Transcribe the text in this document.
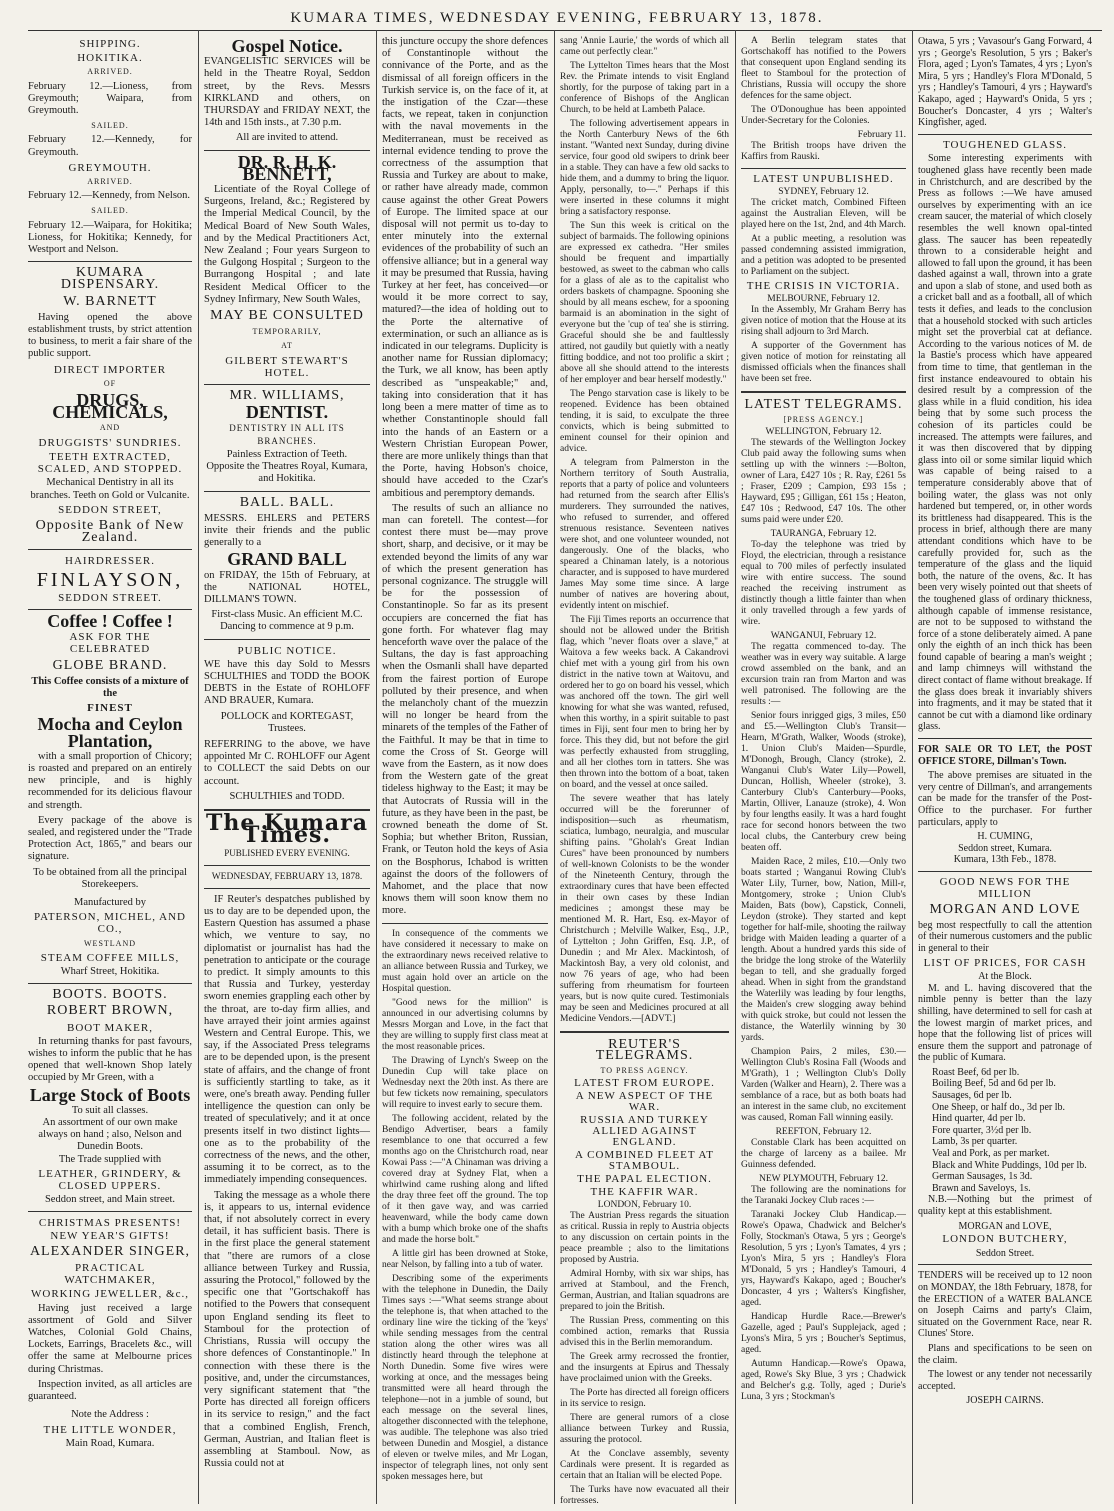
KUMARA TIMES, WEDNESDAY EVENING, FEBRUARY 13, 1878.
SHIPPING.
HOKITIKA.
ARRIVED.

February 12.—Lioness, from Greymouth; Waipara, from Greymouth.

SAILED.

February 12.—Kennedy, for Greymouth.

GREYMOUTH.
ARRIVED.

February 12.—Kennedy, from Nelson.

SAILED.

February 12.—Waipara, for Hokitika; Lioness, for Hokitika; Kennedy, for Westport and Nelson.

KUMARA DISPENSARY.
W. BARNETT

Having opened the above establishment trusts, by strict attention to business, to merit a fair share of the public support.

DIRECT IMPORTER
OF
DRUGS, CHEMICALS,
AND
DRUGGISTS' SUNDRIES.
TEETH EXTRACTED, SCALED, AND STOPPED.
Mechanical Dentistry in all its branches. Teeth on Gold or Vulcanite.
SEDDON STREET,
Opposite Bank of New Zealand.
HAIRDRESSER.
FINLAYSON,
SEDDON STREET.
Coffee ! Coffee !
ASK FOR THE CELEBRATED
GLOBE BRAND.
This Coffee consists of a mixture of the
FINEST
Mocha and Ceylon
Plantation,

with a small proportion of Chicory; is roasted and prepared on an entirely new principle, and is highly recommended for its delicious flavour and strength.

Every package of the above is sealed, and registered under the "Trade Protection Act, 1865," and bears our signature.

To be obtained from all the principal Storekeepers.
Manufactured by
PATERSON, MICHEL, AND CO.,
WESTLAND
STEAM COFFEE MILLS,
Wharf Street, Hokitika.
BOOTS. BOOTS.
ROBERT BROWN,
BOOT MAKER,

In returning thanks for past favours, wishes to inform the public that he has opened that well-known Shop lately occupied by Mr Green, with a

Large Stock of Boots
To suit all classes.
An assortment of our own make always on hand ; also, Nelson and Dunedin Boots.
The Trade supplied with
LEATHER, GRINDERY, & CLOSED UPPERS.
Seddon street, and Main street.
CHRISTMAS PRESENTS! NEW YEAR'S GIFTS!
ALEXANDER SINGER,
PRACTICAL WATCHMAKER,
WORKING JEWELLER, &c.,

Having just received a large assortment of Gold and Silver Watches, Colonial Gold Chains, Lockets, Earrings, Bracelets &c., will offer the same at Melbourne prices during Christmas.

Inspection invited, as all articles are guaranteed.

Note the Address :
THE LITTLE WONDER,
Main Road, Kumara.
Gospel Notice.

EVANGELISTIC SERVICES will be held in the Theatre Royal, Seddon street, by the Revs. Messrs KIRKLAND and others, on THURSDAY and FRIDAY NEXT, the 14th and 15th insts., at 7.30 p.m.

All are invited to attend.
DR. R. H. K. BENNETT,

Licentiate of the Royal College of Surgeons, Ireland, &c.; Registered by the Imperial Medical Council, by the Medical Board of New South Wales, and by the Medical Practitioners Act, New Zealand ; Four years Surgeon to the Gulgong Hospital ; Surgeon to the Burrangong Hospital ; and late Resident Medical Officer to the Sydney Infirmary, New South Wales,

MAY BE CONSULTED
TEMPORARILY,
AT
GILBERT STEWART'S HOTEL.
MR. WILLIAMS,
DENTIST.
DENTISTRY IN ALL ITS BRANCHES.
Painless Extraction of Teeth.
Opposite the Theatres Royal, Kumara, and Hokitika.
BALL. BALL.

MESSRS. EHLERS and PETERS invite their friends and the public generally to a

GRAND BALL

on FRIDAY, the 15th of February, at the NATIONAL HOTEL, DILLMAN'S TOWN.

First-class Music. An efficient M.C.
Dancing to commence at 9 p.m.
PUBLIC NOTICE.

WE have this day Sold to Messrs SCHULTHIES and TODD the BOOK DEBTS in the Estate of ROHLOFF AND BRAUER, Kumara.

POLLOCK and KORTEGAST,
Trustees.

REFERRING to the above, we have appointed Mr C. ROHLOFF our Agent to COLLECT the said Debts on our account.

SCHULTHIES and TODD.
The Kumara Times.
PUBLISHED EVERY EVENING.
WEDNESDAY, FEBRUARY 13, 1878.

IF Reuter's despatches published by us to day are to be depended upon, the Eastern Question has assumed a phase which, we venture to say, no diplomatist or journalist has had the penetration to anticipate or the courage to predict. It simply amounts to this that Russia and Turkey, yesterday sworn enemies grappling each other by the throat, are to-day firm allies, and have arrayed their joint armies against Western and Central Europe. This, we say, if the Associated Press telegrams are to be depended upon, is the present state of affairs, and the change of front is sufficiently startling to take, as it were, one's breath away. Pending fuller intelligence the question can only be treated of speculatively; and it at once presents itself in two distinct lights—one as to the probability of the correctness of the news, and the other, assuming it to be correct, as to the immediately impending consequences.

Taking the message as a whole there is, it appears to us, internal evidence that, if not absolutely correct in every detail, it has sufficient basis. There is in the first place the general statement that "there are rumors of a close alliance between Turkey and Russia, assuring the Protocol," followed by the specific one that "Gortschakoff has notified to the Powers that consequent upon England sending its fleet to Stamboul for the protection of Christians, Russia will occupy the shore defences of Constantinople." In connection with these there is the positive, and, under the circumstances, very significant statement that "the Porte has directed all foreign officers in its service to resign," and the fact that a combined English, French, German, Austrian, and Italian fleet is assembling at Stamboul. Now, as Russia could not at

this juncture occupy the shore defences of Constantinople without the connivance of the Porte, and as the dismissal of all foreign officers in the Turkish service is, on the face of it, at the instigation of the Czar—these facts, we repeat, taken in conjunction with the naval movements in the Mediterranean, must be received as internal evidence tending to prove the correctness of the assumption that Russia and Turkey are about to make, or rather have already made, common cause against the other Great Powers of Europe. The limited space at our disposal will not permit us to-day to enter minutely into the external evidences of the probability of such an offensive alliance; but in a general way it may be presumed that Russia, having Turkey at her feet, has conceived—or would it be more correct to say, matured?—the idea of holding out to the Porte the alternative of extermination, or such an alliance as is indicated in our telegrams. Duplicity is another name for Russian diplomacy; the Turk, we all know, has been aptly described as "unspeakable;" and, taking into consideration that it has long been a mere matter of time as to whether Constantinople should fall into the hands of an Eastern or a Western Christian European Power, there are more unlikely things than that the Porte, having Hobson's choice, should have acceded to the Czar's ambitious and peremptory demands.

The results of such an alliance no man can foretell. The contest—for contest there must be—may prove short, sharp, and decisive, or it may be extended beyond the limits of any war of which the present generation has personal cognizance. The struggle will be for the possession of Constantinople. So far as its present occupiers are concerned the fiat has gone forth. For whatever flag may henceforth wave over the palace of the Sultans, the day is fast approaching when the Osmanli shall have departed from the fairest portion of Europe polluted by their presence, and when the melancholy chant of the muezzin will no longer be heard from the minarets of the temples of the Father of the Faithful. It may be that in time to come the Cross of St. George will wave from the Eastern, as it now does from the Western gate of the great tideless highway to the East; it may be that Autocrats of Russia will in the future, as they have been in the past, be crowned beneath the dome of St. Sophia; but whether Briton, Russian, Frank, or Teuton hold the keys of Asia on the Bosphorus, Ichabod is written against the doors of the followers of Mahomet, and the place that now knows them will soon know them no more.

In consequence of the comments we have considered it necessary to make on the extraordinary news received relative to an alliance between Russia and Turkey, we must again hold over an article on the Hospital question.

"Good news for the million" is announced in our advertising columns by Messrs Morgan and Love, in the fact that they are willing to supply first class meat at the most reasonable prices.

The Drawing of Lynch's Sweep on the Dunedin Cup will take place on Wednesday next the 20th inst. As there are but few tickets now remaining, speculators will require to invest early to secure them.

The following accident, related by the Bendigo Advertiser, bears a family resemblance to one that occurred a few months ago on the Christchurch road, near Kowai Pass :—"A Chinaman was driving a covered dray at Sydney Flat, when a whirlwind came rushing along and lifted the dray three feet off the ground. The top of it then gave way, and was carried heavenward, while the body came down with a bump which broke one of the shafts and made the horse bolt."

A little girl has been drowned at Stoke, near Nelson, by falling into a tub of water.

Describing some of the experiments with the telephone in Dunedin, the Daily Times says :—"What seems strange about the telephone is, that when attached to the ordinary line wire the ticking of the 'keys' while sending messages from the central station along the other wires was all distinctly heard through the telephone at North Dunedin. Some five wires were working at once, and the messages being transmitted were all heard through the telephone—not in a jumble of sound, but each message on the several lines, altogether disconnected with the telephone, was audible. The telephone was also tried between Dunedin and Mosgiel, a distance of eleven or twelve miles, and Mr Logan, inspector of telegraph lines, not only sent spoken messages here, but

sang 'Annie Laurie,' the words of which all came out perfectly clear."

The Lyttelton Times hears that the Most Rev. the Primate intends to visit England shortly, for the purpose of taking part in a conference of Bishops of the Anglican Church, to be held at Lambeth Palace.

The following advertisement appears in the North Canterbury News of the 6th instant. "Wanted next Sunday, during divine service, four good old swipers to drink beer in a stable. They can have a few old sacks to hide them, and a dummy to bring the liquor. Apply, personally, to—." Perhaps if this were inserted in these columns it might bring a satisfactory response.

The Sun this week is critical on the subject of barmaids. The following opinions are expressed ex cathedra. "Her smiles should be frequent and impartially bestowed, as sweet to the cabman who calls for a glass of ale as to the capitalist who orders baskets of champagne. Spooning she should by all means eschew, for a spooning barmaid is an abomination in the sight of everyone but the 'cup of tea' she is stirring. Graceful should she be and faultlessly attired, not gaudily but quietly with a neatly fitting boddice, and not too prolific a skirt ; above all she should attend to the interests of her employer and bear herself modestly."

The Pengo starvation case is likely to be reopened. Evidence has been obtained tending, it is said, to exculpate the three convicts, which is being submitted to eminent counsel for their opinion and advice.

A telegram from Palmerston in the Northern territory of South Australia, reports that a party of police and volunteers had returned from the search after Ellis's murderers. They surrounded the natives, who refused to surrender, and offered strenuous resistance. Seventeen natives were shot, and one volunteer wounded, not dangerously. One of the blacks, who speared a Chinaman lately, is a notorious character, and is supposed to have murdered James May some time since. A large number of natives are hovering about, evidently intent on mischief.

The Fiji Times reports an occurrence that should not be allowed under the British flag, which "never floats over a slave," at Waitova a few weeks back. A Cakandrovi chief met with a young girl from his own district in the native town at Waitovu, and ordered her to go on board his vessel, which was anchored off the town. The girl well knowing for what she was wanted, refused, when this worthy, in a spirit suitable to past times in Fiji, sent four men to bring her by force. This they did, but not before the girl was perfectly exhausted from struggling, and all her clothes torn in tatters. She was then thrown into the bottom of a boat, taken on board, and the vessel at once sailed.

The severe weather that has lately occurred will be the forerunner of indisposition—such as rheumatism, sciatica, lumbago, neuralgia, and muscular shifting pains. "Gholah's Great Indian Cures" have been pronounced by numbers of well-known Colonists to be the wonder of the Nineteenth Century, through the extraordinary cures that have been effected in their own cases by these Indian medicines ; amongst these may be mentioned M. R. Hart, Esq. ex-Mayor of Christchurch ; Melville Walker, Esq., J.P., of Lyttelton ; John Griffen, Esq. J.P., of Dunedin ; and Mr Alex. Mackintosh, of Mackintosh Bay, a very old colonist, and now 76 years of age, who had been suffering from rheumatism for fourteen years, but is now quite cured. Testimonials may be seen and Medicines procured at all Medicine Vendors.—[ADVT.]

REUTER'S TELEGRAMS.
TO PRESS AGENCY.
LATEST FROM EUROPE.
A NEW ASPECT OF THE WAR.
RUSSIA AND TURKEY ALLIED AGAINST ENGLAND.
A COMBINED FLEET AT STAMBOUL.
THE PAPAL ELECTION.
THE KAFFIR WAR.
LONDON, February 10.

The Austrian Press regards the situation as critical. Russia in reply to Austria objects to any discussion on certain points in the peace preamble ; also to the limitations proposed by Austria.

Admiral Hornby, with six war ships, has arrived at Stamboul, and the French, German, Austrian, and Italian squadrons are prepared to join the British.

The Russian Press, commenting on this combined action, remarks that Russia advised this in the Berlin memorandum.

The Greek army recrossed the frontier, and the insurgents at Epirus and Thessaly have proclaimed union with the Greeks.

The Porte has directed all foreign officers in its service to resign.

There are general rumors of a close alliance between Turkey and Russia, assuring the protocol.

At the Conclave assembly, seventy Cardinals were present. It is regarded as certain that an Italian will be elected Pope.

The Turks have now evacuated all their fortresses.

A Berlin telegram states that Gortschakoff has notified to the Powers that consequent upon England sending its fleet to Stamboul for the protection of Christians, Russia will occupy the shore defences for the same object.

The O'Donoughue has been appointed Under-Secretary for the Colonies.

February 11.

The British troops have driven the Kaffirs from Rauski.

LATEST UNPUBLISHED.
SYDNEY, February 12.

The cricket match, Combined Fifteen against the Australian Eleven, will be played here on the 1st, 2nd, and 4th March.

At a public meeting, a resolution was passed condemning assisted immigration, and a petition was adopted to be presented to Parliament on the subject.

THE CRISIS IN VICTORIA.
MELBOURNE, February 12.

In the Assembly, Mr Graham Berry has given notice of motion that the House at its rising shall adjourn to 3rd March.

A supporter of the Government has given notice of motion for reinstating all dismissed officials when the finances shall have been set free.

LATEST TELEGRAMS.
[PRESS AGENCY.]
WELLINGTON, February 12.

The stewards of the Wellington Jockey Club paid away the following sums when settling up with the winners :—Bolton, owner of Lara, £427 10s ; R. Ray, £261 5s ; Fraser, £209 ; Campion, £93 15s ; Hayward, £95 ; Gilligan, £61 15s ; Heaton, £47 10s ; Redwood, £47 10s. The other sums paid were under £20.

TAURANGA, February 12.

To-day the telephone was tried by Floyd, the electrician, through a resistance equal to 700 miles of perfectly insulated wire with entire success. The sound reached the receiving instrument as distinctly though a little fainter than when it only travelled through a few yards of wire.

WANGANUI, February 12.

The regatta commenced to-day. The weather was in every way suitable. A large crowd assembled on the bank, and an excursion train ran from Marton and was well patronised. The following are the results :—

Senior fours inrigged gigs, 3 miles, £50 and £5.—Wellington Club's Transit—Hearn, M'Grath, Walker, Woods (stroke), 1. Union Club's Maiden—Spurdle, M'Donogh, Brough, Clancy (stroke), 2. Wanganui Club's Water Lily—Powell, Duncan, Hollish, Wheeler (stroke), 3. Canterbury Club's Canterbury—Pooks, Martin, Olliver, Lanauze (stroke), 4. Won by four lengths easily. It was a hard fought race for second honors between the two local clubs, the Canterbury crew being beaten off.

Maiden Race, 2 miles, £10.—Only two boats started ; Wanganui Rowing Club's Water Lily, Turner, bow, Nation, Mill-r, Montgomery, stroke ; Union Club's Maiden, Bats (bow), Capstick, Conneli, Leydon (stroke). They started and kept together for half-mile, shooting the railway bridge with Maiden leading a quarter of a length. About a hundred yards this side of the bridge the long stroke of the Waterlily began to tell, and she gradually forged ahead. When in sight from the grandstand the Waterlily was leading by four lengths, the Maiden's crew slogging away behind with quick stroke, but could not lessen the distance, the Waterlily winning by 30 yards.

Champion Pairs, 2 miles, £30.—Wellington Club's Rosina Fall (Woods and M'Grath), 1 ; Wellington Club's Dolly Varden (Walker and Hearn), 2. There was a semblance of a race, but as both boats had an interest in the same club, no excitement was caused, Roman Fall winning easily.

REEFTON, February 12.

Constable Clark has been acquitted on the charge of larceny as a bailee. Mr Guinness defended.

NEW PLYMOUTH, February 12.

The following are the nominations for the Taranaki Jockey Club races :—

Taranaki Jockey Club Handicap.—Rowe's Opawa, Chadwick and Belcher's Folly, Stockman's Otawa, 5 yrs ; George's Resolution, 5 yrs ; Lyon's Tamates, 4 yrs ; Lyon's Mira, 5 yrs ; Handley's Flora M'Donald, 5 yrs ; Handley's Tamouri, 4 yrs, Hayward's Kakapo, aged ; Boucher's Doncaster, 4 yrs ; Walters's Kingfisher, aged.

Handicap Hurdle Race.—Brewer's Gazelle, aged ; Paul's Supplejack, aged ; Lyons's Mira, 5 yrs ; Boucher's Septimus, aged.

Autumn Handicap.—Rowe's Opawa, aged, Rowe's Sky Blue, 3 yrs ; Chadwick and Belcher's g.g. Tolly, aged ; Durie's Luna, 3 yrs ; Stockman's

Otawa, 5 yrs ; Vavasour's Gang Forward, 4 yrs ; George's Resolution, 5 yrs ; Baker's Flora, aged ; Lyon's Tamates, 4 yrs ; Lyon's Mira, 5 yrs ; Handley's Flora M'Donald, 5 yrs ; Handley's Tamouri, 4 yrs ; Hayward's Kakapo, aged ; Hayward's Onida, 5 yrs ; Boucher's Doncaster, 4 yrs ; Walter's Kingfisher, aged.

TOUGHENED GLASS.

Some interesting experiments with toughened glass have recently been made in Christchurch, and are described by the Press as follows :—We have amused ourselves by experimenting with an ice cream saucer, the material of which closely resembles the well known opal-tinted glass. The saucer has been repeatedly thrown to a considerable height and allowed to fall upon the ground, it has been dashed against a wall, thrown into a grate and upon a slab of stone, and used both as a cricket ball and as a football, all of which tests it defies, and leads to the conclusion that a household stocked with such articles might set the proverbial cat at defiance. According to the various notices of M. de la Bastie's process which have appeared from time to time, that gentleman in the first instance endeavoured to obtain his desired result by a compression of the glass while in a fluid condition, his idea being that by some such process the cohesion of its particles could be increased. The attempts were failures, and it was then discovered that by dipping glass into oil or some similar liquid which was capable of being raised to a temperature considerably above that of boiling water, the glass was not only hardened but tempered, or, in other words its brittleness had disappeared. This is the process in brief, although there are many attendant conditions which have to be carefully provided for, such as the temperature of the glass and the liquid both, the nature of the ovens, &c. It has been very wisely pointed out that sheets of the toughened glass of ordinary thickness, although capable of immense resistance, are not to be supposed to withstand the force of a stone deliberately aimed. A pane only the eighth of an inch thick has been found capable of bearing a man's weight ; and lamp chimneys will withstand the direct contact of flame without breakage. If the glass does break it invariably shivers into fragments, and it may be stated that it cannot be cut with a diamond like ordinary glass.

FOR SALE OR TO LET, the POST OFFICE STORE, Dillman's Town.

The above premises are situated in the very centre of Dillman's, and arrangements can be made for the transfer of the Post-Office to the purchaser. For further particulars, apply to

H. CUMING,
Seddon street, Kumara.
Kumara, 13th Feb., 1878.
GOOD NEWS FOR THE MILLION
MORGAN AND LOVE

beg most respectfully to call the attention of their numerous customers and the public in general to their

LIST OF PRICES, FOR CASH
At the Block.

M. and L. having discovered that the nimble penny is better than the lazy shilling, have determined to sell for cash at the lowest margin of market prices, and hope that the following list of prices will ensure them the support and patronage of the public of Kumara.

Roast Beef, 6d per lb.

Boiling Beef, 5d and 6d per lb.

Sausages, 6d per lb.

One Sheep, or half do., 3d per lb.

Hind quarter, 4d per lb.

Fore quarter, 3½d per lb.

Lamb, 3s per quarter.

Veal and Pork, as per market.

Black and White Puddings, 10d per lb.

German Sausages, 1s 3d.

Brawn and Saveloys, 1s.

N.B.—Nothing but the primest of quality kept at this establishment.

MORGAN and LOVE,
LONDON BUTCHERY,
Seddon Street.

TENDERS will be received up to 12 noon on MONDAY, the 18th February, 1878, for the ERECTION of a WATER BALANCE on Joseph Cairns and party's Claim, situated on the Government Race, near R. Clunes' Store.

Plans and specifications to be seen on the claim.

The lowest or any tender not necessarily accepted.

JOSEPH CAIRNS.
